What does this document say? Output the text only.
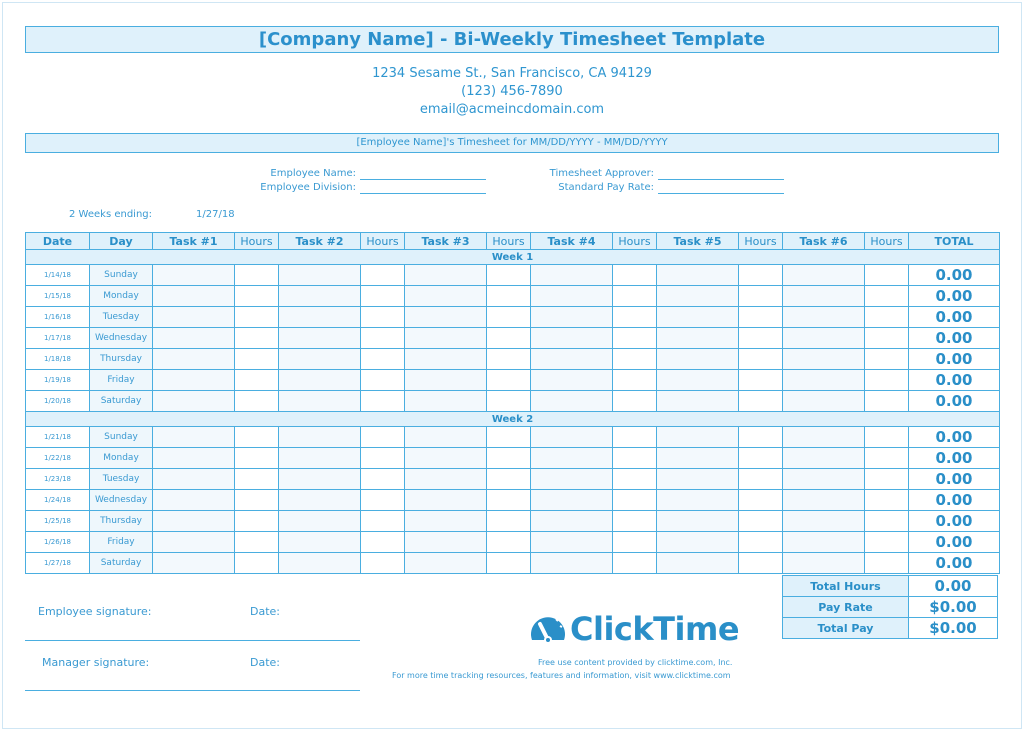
[Company Name] - Bi-Weekly Timesheet Template
1234 Sesame St., San Francisco, CA 94129
(123) 456-7890
email@acmeincdomain.com
[Employee Name]'s Timesheet for MM/DD/YYYY - MM/DD/YYYY
Employee Name:
Employee Division:
Timesheet Approver:
Standard Pay Rate:
2 Weeks ending:	1/27/18
Date	Day	Task #1	Hours	Task #2	Hours	Task #3	Hours	Task #4	Hours	Task #5	Hours	Task #6	Hours	TOTAL
Week 1														
1/14/18	Sunday													0.00
1/15/18	Monday													0.00
1/16/18	Tuesday													0.00
1/17/18	Wednesday													0.00
1/18/18	Thursday													0.00
1/19/18	Friday													0.00
1/20/18	Saturday													0.00
Week 2														
1/21/18	Sunday													0.00
1/22/18	Monday													0.00
1/23/18	Tuesday													0.00
1/24/18	Wednesday													0.00
1/25/18	Thursday													0.00
1/26/18	Friday													0.00
1/27/18	Saturday													0.00
Total Hours	0.00
Pay Rate	$0.00
Total Pay	$0.00
Employee signature:	Date:
Manager signature:	Date:
ClickTime
Free use content provided by clicktime.com, Inc.
For more time tracking resources, features and information, visit www.clicktime.com
